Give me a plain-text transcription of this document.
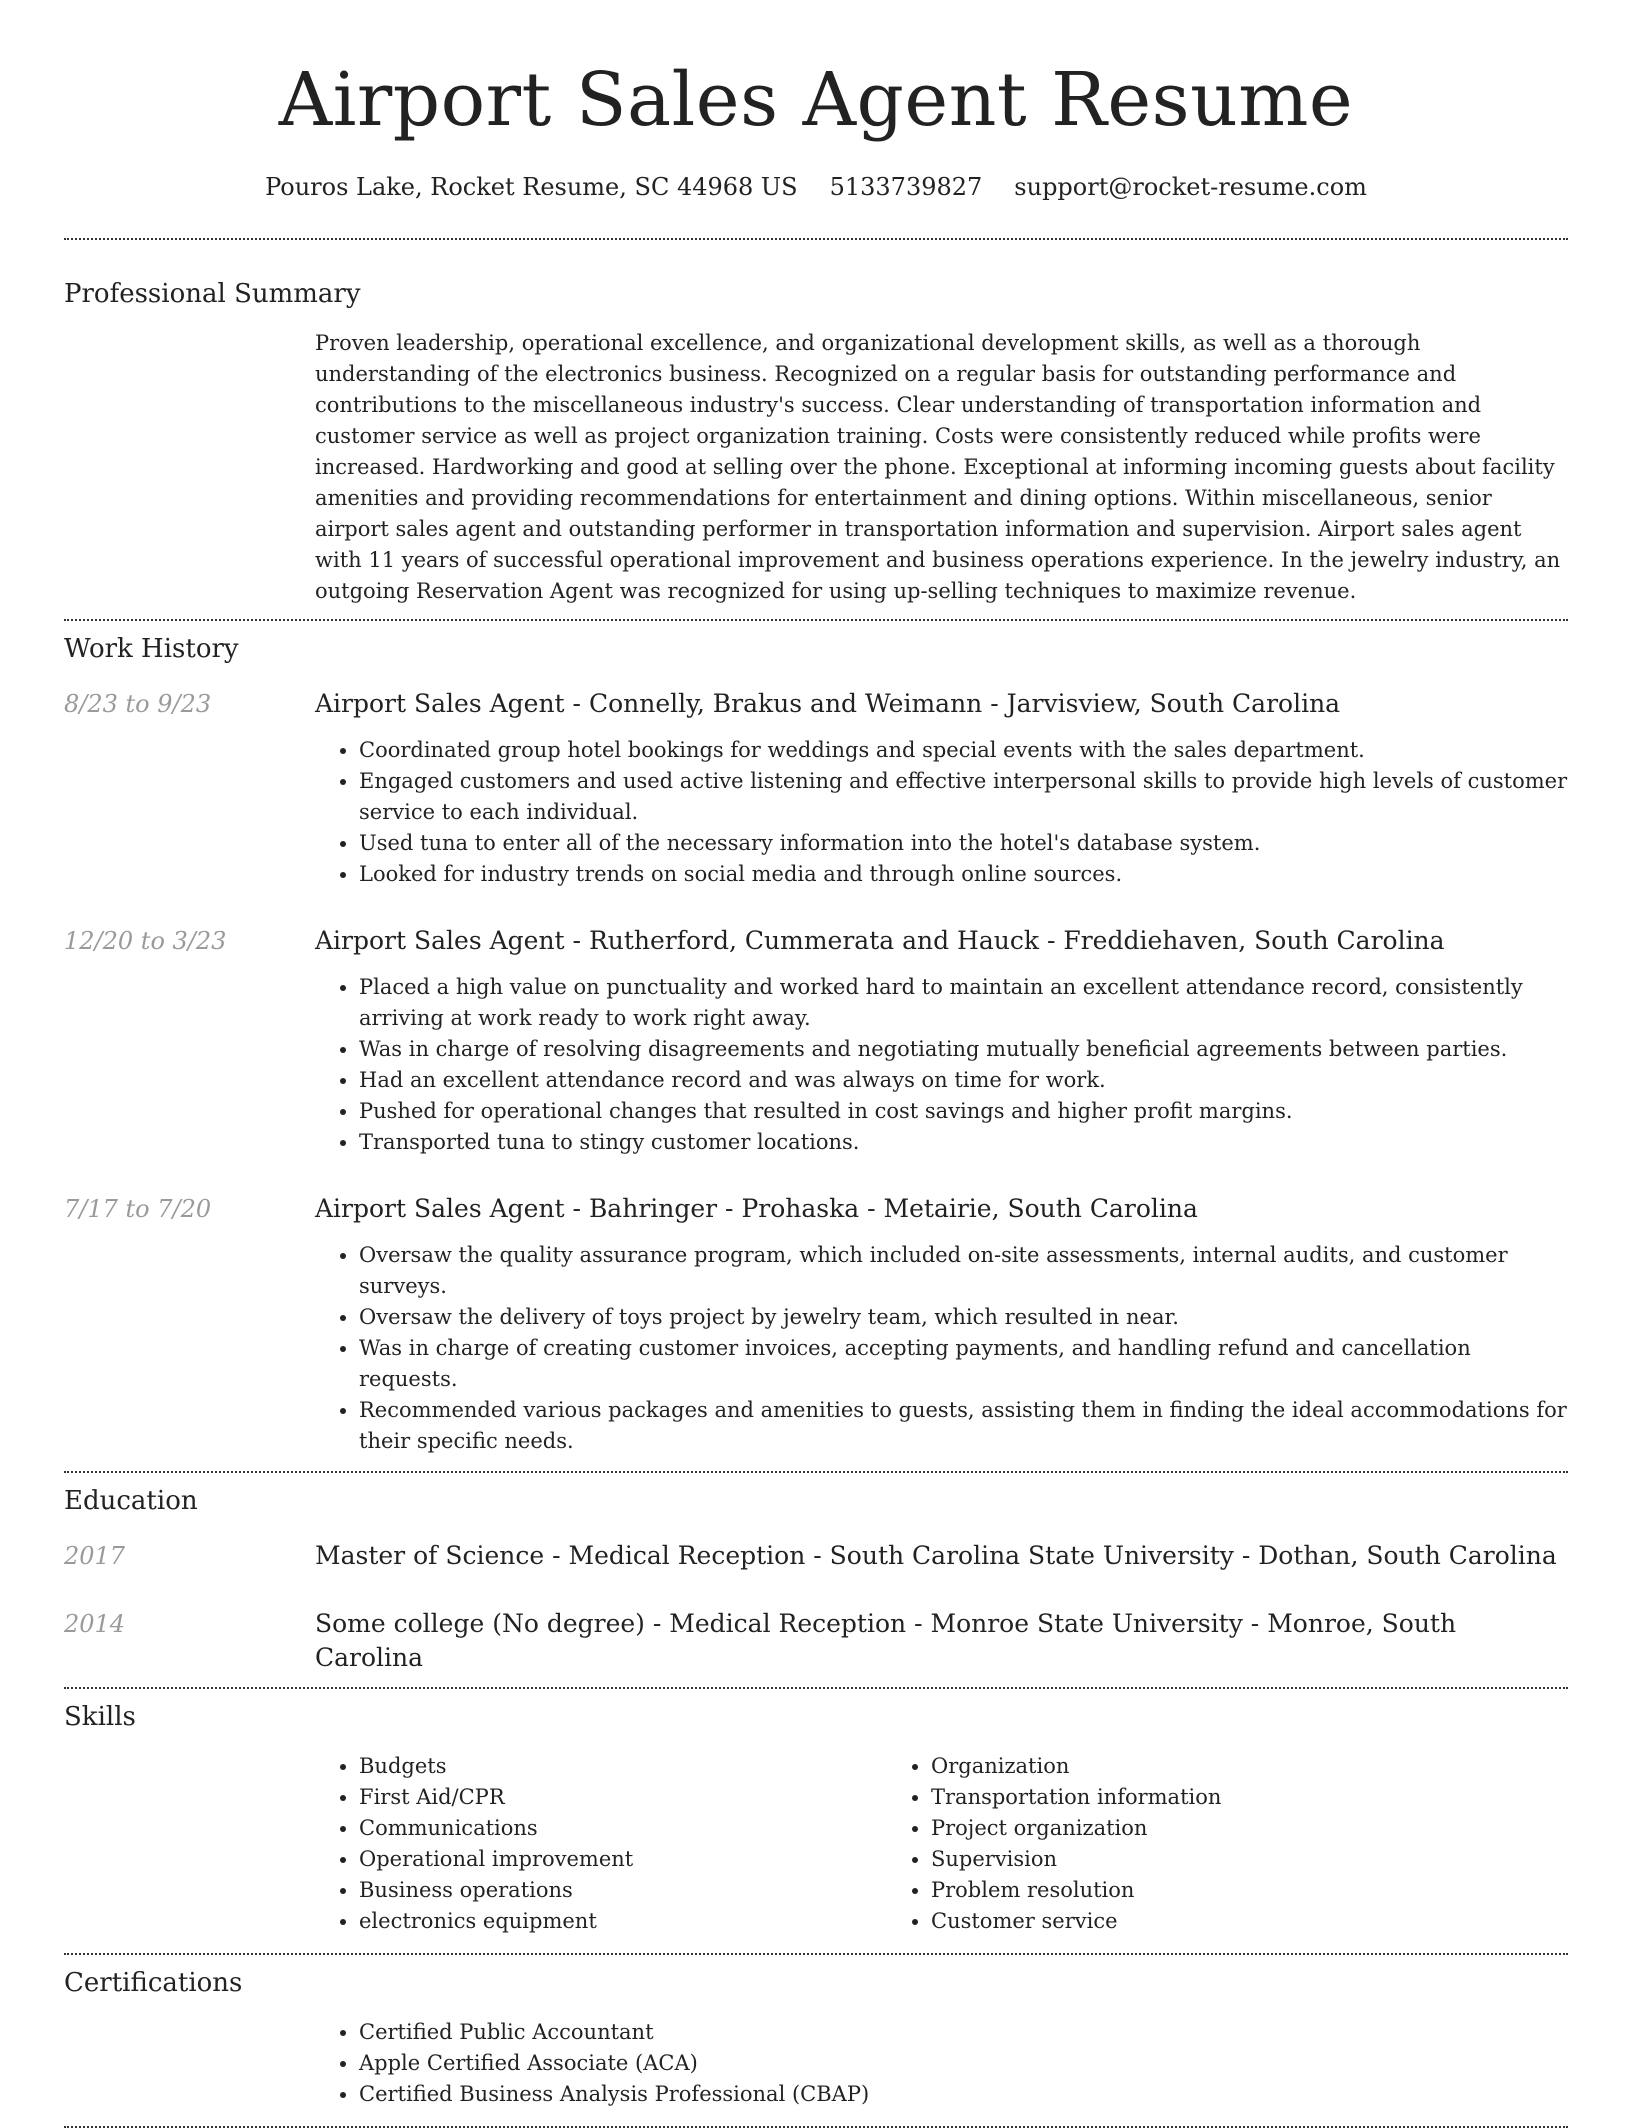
Airport Sales Agent Resume
Pouros Lake, Rocket Resume, SC 44968 US 5133739827 support@rocket-resume.com
Professional Summary

Proven leadership, operational excellence, and organizational development skills, as well as a thorough understanding of the electronics business. Recognized on a regular basis for outstanding performance and contributions to the miscellaneous industry's success. Clear understanding of transportation information and customer service as well as project organization training. Costs were consistently reduced while profits were increased. Hardworking and good at selling over the phone. Exceptional at informing incoming guests about facility amenities and providing recommendations for entertainment and dining options. Within miscellaneous, senior airport sales agent and outstanding performer in transportation information and supervision. Airport sales agent with 11 years of successful operational improvement and business operations experience. In the jewelry industry, an outgoing Reservation Agent was recognized for using up-selling techniques to maximize revenue.

Work History
8/23 to 9/23	Airport Sales Agent - Connelly, Brakus and Weimann - Jarvisview, South Carolina
• Coordinated group hotel bookings for weddings and special events with the sales department.
• Engaged customers and used active listening and effective interpersonal skills to provide high levels of customer service to each individual.
• Used tuna to enter all of the necessary information into the hotel's database system.
• Looked for industry trends on social media and through online sources.
12/20 to 3/23	Airport Sales Agent - Rutherford, Cummerata and Hauck - Freddiehaven, South Carolina
• Placed a high value on punctuality and worked hard to maintain an excellent attendance record, consistently arriving at work ready to work right away.
• Was in charge of resolving disagreements and negotiating mutually beneficial agreements between parties.
• Had an excellent attendance record and was always on time for work.
• Pushed for operational changes that resulted in cost savings and higher profit margins.
• Transported tuna to stingy customer locations.
7/17 to 7/20	Airport Sales Agent - Bahringer - Prohaska - Metairie, South Carolina
• Oversaw the quality assurance program, which included on-site assessments, internal audits, and customer surveys.
• Oversaw the delivery of toys project by jewelry team, which resulted in near.
• Was in charge of creating customer invoices, accepting payments, and handling refund and cancellation requests.
• Recommended various packages and amenities to guests, assisting them in finding the ideal accommodations for their specific needs.
Education
2017	Master of Science - Medical Reception - South Carolina State University - Dothan, South Carolina
2014	Some college (No degree) - Medical Reception - Monroe State University - Monroe, South Carolina
Skills
• Budgets
• First Aid/CPR
• Communications
• Operational improvement
• Business operations
• electronics equipment
• Organization
• Transportation information
• Project organization
• Supervision
• Problem resolution
• Customer service
Certifications
• Certified Public Accountant
• Apple Certified Associate (ACA)
• Certified Business Analysis Professional (CBAP)
